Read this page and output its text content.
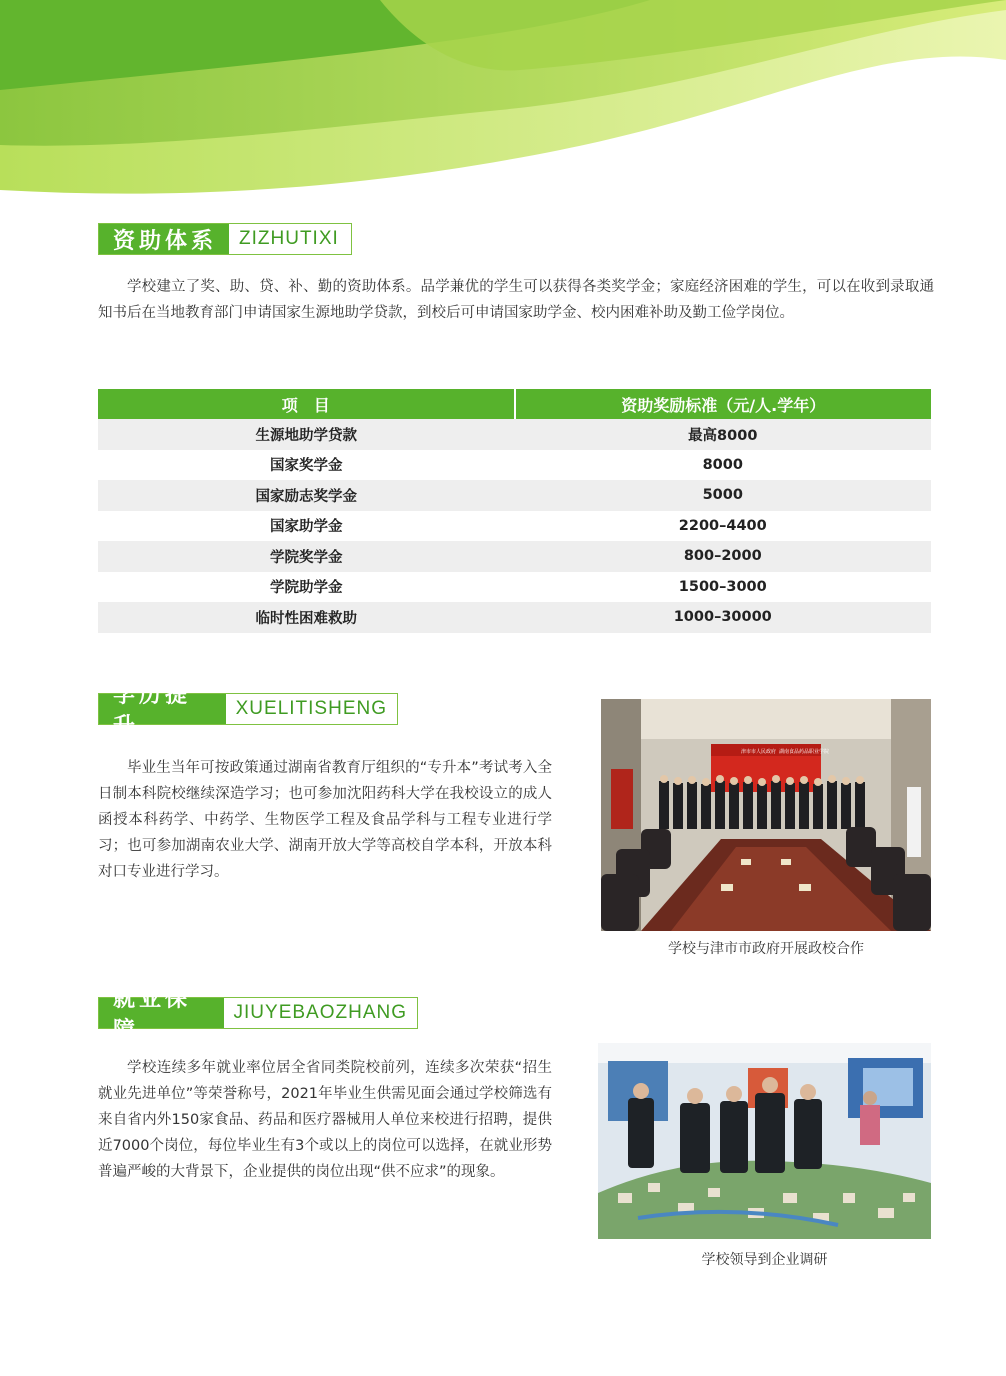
资助体系	ZIZHUTIXI

学校建立了奖、助、贷、补、勤的资助体系。品学兼优的学生可以获得各类奖学金；家庭经济困难的学生，可以在收到录取通知书后在当地教育部门申请国家生源地助学贷款，到校后可申请国家助学金、校内困难补助及勤工俭学岗位。

项　目	资助奖励标准（元/人.学年）
生源地助学贷款	最高8000
国家奖学金	8000
国家励志奖学金	5000
国家助学金	2200–4400
学院奖学金	800–2000
学院助学金	1500–3000
临时性困难救助	1000–30000
学历提升
XUELITISHENG

毕业生当年可按政策通过湖南省教育厅组织的“专升本”考试考入全日制本科院校继续深造学习；也可参加沈阳药科大学在我校设立的成人函授本科药学、中药学、生物医学工程及食品学科与工程专业进行学习；也可参加湖南农业大学、湖南开放大学等高校自学本科，开放本科对口专业进行学习。

津市市人民政府 湖南食品药品职业学院
学校与津市市政府开展政校合作
就业保障
JIUYEBAOZHANG

学校连续多年就业率位居全省同类院校前列，连续多次荣获“招生就业先进单位”等荣誉称号，2021年毕业生供需见面会通过学校筛选有来自省内外150家食品、药品和医疗器械用人单位来校进行招聘，提供近7000个岗位，每位毕业生有3个或以上的岗位可以选择，在就业形势普遍严峻的大背景下，企业提供的岗位出现“供不应求”的现象。

学校领导到企业调研
